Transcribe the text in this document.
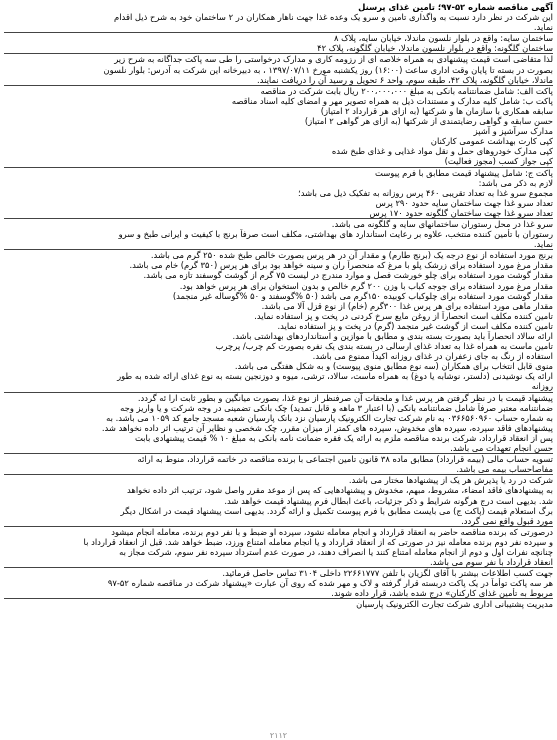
آگهی مناقصه شماره ۵۲-۹۷؛ تامین غذای پرسنل
این شرکت در نظر دارد نسبت به واگذاری تامین و سرو یک وعده غذا جهت ناهار همکاران در ۲ ساختمان خود به شرح ذیل اقدام
نماید.
ساختمان سایه: واقع در بلوار نلسون ماندلا، خیابان سایه، پلاک ۸
ساختمان گلگونه: واقع در بلوار نلسون ماندلا، خیابان گلگونه، پلاک ۴۲
لذا متقاضی است قیمت پیشنهادی به همراه خلاصه ای از رزومه کاری و مدارک درخواستی را طی سه پاکت جداگانه به شرح زیر
بصورت در بسته تا پایان وقت اداری ساعت (۱۶:۰۰) روز یکشنبه مورخ ۱۳۹۷/۰۷/۱۱ ، به دبیرخانه این شرکت به آدرس: بلوار نلسون
ماندلا، خیابان گلگونه، پلاک ۴۲، طبقه سوم، واحد ۶ تحویل و رسید آن را دریافت نمایند.
پاکت الف: شامل ضمانتنامه بانکی به مبلغ ۲۰۰،۰۰۰،۰۰۰ ریال بابت شرکت در مناقصه
پاکت ب: شامل کلیه مدارک و مستندات ذیل به همراه تصویر مهر و امضای کلیه اسناد مناقصه
سابقه همکاری با سازمان ها و شرکتها (به ازای هر قرارداد ۲ امتیاز)
حسن سابقه و گواهی رضایتمندی از شرکتها (به ازای هر گواهی ۲ امتیاز)
مدارک سرآشپز و آشپز
کپی کارت بهداشت عمومی کارکنان
کپی مدارک خودروهای حمل و نقل مواد غذایی و غذای طبخ شده
کپی جواز کسب (مجوز فعالیت)
پاکت ج: شامل پیشنهاد قیمت مطابق با فرم پیوست
لازم به ذکر می باشد:
مجموع سرو غذا به تعداد تقریبی ۴۶۰ پرس روزانه به تفکیک ذیل می باشد؛
تعداد سرو غذا جهت ساختمان سایه حدود ۲۹۰ پرس
تعداد سرو غذا جهت ساختمان گلگونه حدود ۱۷۰ پرس
سرو غذا در محل رستوران ساختمانهای سایه و گلگونه می باشد.
رستوران با تأمین کننده منتخب، علاوه بر رعایت استاندارد های بهداشتی، مکلف است صرفاً برنج با کیفیت و ایرانی طبخ و سرو
نماید.
برنج مورد استفاده از نوع درجه یک (برنج طارم) و مقدار آن در هر پرس بصورت خالص طبخ شده ۲۵۰ گرم می باشد.
مقدار مرغ مورد استفاده برای زرشک پلو با مرغ که منحصراً ران و سینه خواهد بود برای هر پرس (۳۵۰ گرم) خام می باشد.
مقدار گوشت مورد استفاده برای چلو خورشت فصل و موارد مندرج در لیست ۷۵ گرم از گوشت گوسفند تازه می باشد.
مقدار مرغ مورد استفاده برای جوجه کباب با وزن ۲۰۰ گرم خالص و بدون استخوان برای هر پرس خواهد بود.
مقدار گوشت مورد استفاده برای چلوکباب کوبیده ۱۵۰گرم می باشد (۵۰ %گوسفند و ۵۰ %گوساله غیر منجمد)
مقدار ماهی مورد استفاده برای هر پرس غذا ۳۰۰گرم (خام) از نوع قزل آلا می باشد.
تامین کننده مکلف است انحصاراً از روغن مایع سرخ کردنی در پخت و پز استفاده نماید.
تامین کننده مکلف است از گوشت غیر منجمد (گرم) در پخت و پز استفاده نماید.
ارائه سالاد انحصاراً باید بصورت بسته بندی و مطابق با موازین و استانداردهای بهداشتی باشد.
تامین ماست به همراه غذا به تعداد غذای ارسالی در بسته بندی یک نفره بصورت کم چرب/ پرچرب
استفاده از رنگ به جای زعفران در غذای روزانه اکیداً ممنوع می باشد.
منوی قابل انتخاب برای همکاران (سه نوع مطابق منوی پیوست) و به شکل هفتگی می باشد.
ارائه یک نوشیدنی (دلستر، نوشابه یا دوغ) به همراه ماست، سالاد، ترشی، میوه و دوزنجین بسته به نوع غذای ارائه شده به طور
روزانه
پیشنهاد قیمت با در نظر گرفتن هر پرس غذا و ملحقات آن صرفنظر از نوع غذا، بصورت میانگین و بطور ثابت ارا ئه گردد.
ضمانتنامه معتبر صرفاً شامل ضمانتنامه بانکی (با اعتبار ۳ ماهه و قابل تمدید) چک بانکی تضمینی در وجه شرکت و یا واریز وجه
به شماره حساب ۰۳۶۶۵۶۰۹۶۰ به نام شرکت تجارت الکترونیک پارسیان نزد بانک پارسیان شعبه مسجد جامع کد ۱۰۵۹ می باشد. به
پیشنهادهای فاقد سپرده، سپرده های مخدوش، سپرده های کمتر از میزان مقرر، چک شخصی و نظایر آن ترتیب اثر داده نخواهد شد.
پس از انعقاد قرارداد، شرکت برنده مناقصه ملزم به ارائه یک فقره ضمانت نامه بانکی به مبلغ ۱۰ % قیمت پیشنهادی بابت
حسن انجام تعهدات می باشد.
تسویه حساب مالی (بیمه قرارداد) مطابق ماده ۳۸ قانون تامین اجتماعی با برنده مناقصه در خاتمه قرارداد، منوط به ارائه
مفاصاحساب بیمه می باشد.
شرکت در رد یا پذیرش هر یک از پیشنهادها مختار می باشد.
به پیشنهادهای فاقد امضاء، مشروط، مبهم، مخدوش و پیشنهادهایی که پس از موعد مقرر واصل شود، ترتیب اثر داده نخواهد
شد. بدیهی است درج هرگونه شرایط و ذکر جزئیات، باعث ابطال فرم پیشنهاد قیمت خواهد شد.
برگ استعلام قیمت (پاکت ج) می بایست مطابق با فرم پیوست تکمیل و ارائه گردد. بدیهی است پیشنهاد قیمت در اشکال دیگر
مورد قبول واقع نمی گردد.
درصورتی که برنده مناقصه حاضر به انعقاد قرارداد و انجام معامله نشود، سپرده او ضبط و با نفر دوم برنده، معامله انجام میشود
و سپرده نفر دوم برنده معامله نیز در صورتی که از انعقاد قرارداد و یا انجام معامله امتناع ورزد، ضبط خواهد شد. قبل از انعقاد قرارداد با
چنانچه نفرات اول و دوم از انجام معامله امتناع کنند یا انصراف دهند، در صورت عدم استرداد سپرده نفر سوم، شرکت مجاز به
انعقاد قرارداد با نفر سوم می باشد.
جهت کسب اطلاعات بیشتر با آقای لگزیان با تلفن ۲۲۶۶۱۷۷۷ داخلی ۳۱۰۴ تماس حاصل فرمائید.
هر سه پاکت توأماً در یک پاکت دربسته قرار گرفته و لاک و مهر شده که روی آن عبارت «پیشنهاد شرکت در مناقصه شماره ۵۲-۹۷
مربوط به تأمین غذای کارکنان» درج شده باشد، قرار داده شوند.
مدیریت پشتیبانی اداری شرکت تجارت الکترونیک پارسیان
۲۱۱۲
